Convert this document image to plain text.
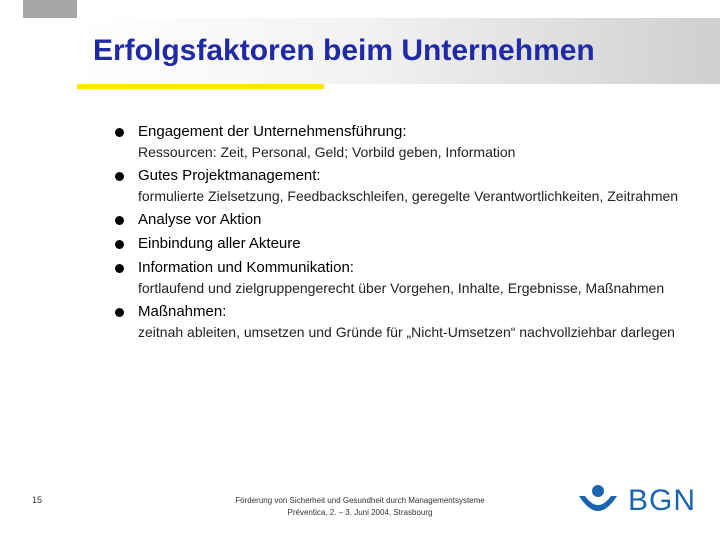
Erfolgsfaktoren beim Unternehmen
Engagement der Unternehmensführung:
Ressourcen: Zeit, Personal, Geld; Vorbild geben, Information
Gutes Projektmanagement:
formulierte Zielsetzung, Feedbackschleifen, geregelte Verantwortlichkeiten, Zeitrahmen
Analyse vor Aktion
Einbindung aller Akteure
Information und Kommunikation:
fortlaufend und zielgruppengerecht über Vorgehen, Inhalte, Ergebnisse, Maßnahmen
Maßnahmen:
zeitnah ableiten, umsetzen und Gründe für „Nicht-Umsetzen“ nachvollziehbar darlegen
15	Förderung von Sicherheit und Gesundheit durch Managementsysteme
Préventica, 2. – 3. Juni 2004, Strasbourg	BGN
